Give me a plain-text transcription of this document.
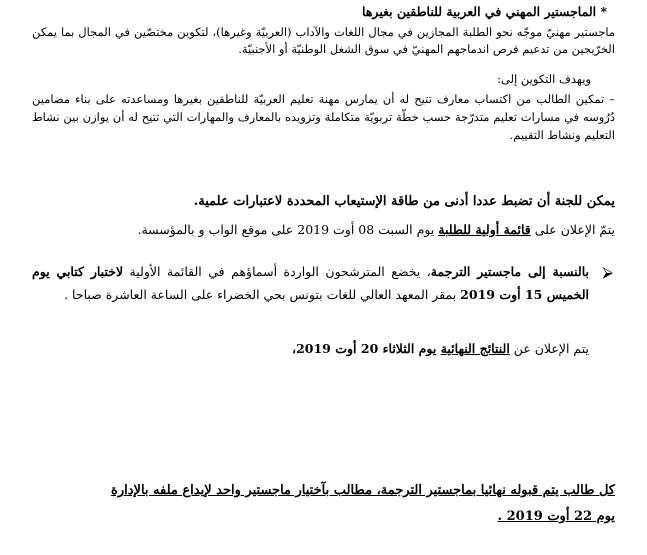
* الماجستير المهني في العربية للناطقين بغيرها
ماجستير مهنيّ موجّه نحو الطلبة المجازين في مجال اللغات والآداب (العربيّة وغيرها)، لتكوين مختصّين في المجال بما يمكن الخرّيجين من تدعيم فرص اندماجهم المهنيّ في سوق الشغل الوطنيّة أو الأجنبيّة.
ويهدف التكوين إلى:
– تمكين الطالب من اكتساب معارف تتيح له أن يمارس مهنة تعليم العربيّة للناطقين بغيرها ومساعدته على بناء مضامين دُرُوسه في مسارات تعليم متدرّجة حسب خطّة تربويّة متكاملة وتزويده بالمعارف والمهارات التي تتيح له أن يوازن بين نشاط التعليم ونشاط التقييم.
يمكن للجنة أن تضبط عددا أدنى من طاقة الإستيعاب المحددة لاعتبارات علمية.
يتمّ الإعلان على قائمة أولية للطلبة يوم السبت 08 أوت 2019 على موقع الواب و بالمؤسسة.
⮚
بالنسبة إلى ماجستير الترجمة، يخضع المترشحون الواردة أسماؤهم في القائمة الأولية لاختبار كتابي يوم الخميس 15 أوت 2019 بمقر المعهد العالي للغات بتونس بحي الخضراء على الساعة العاشرة صباحا .
يتم الإعلان عن النتائج النهائية يوم الثلاثاء 20 أوت 2019،
كل طالب يتم قبوله نهائيا بماجستير الترجمة، مطالب بآختيار ماجستير واحد لإيداع ملفه بالإدارة
يوم 22 أوت 2019 .
